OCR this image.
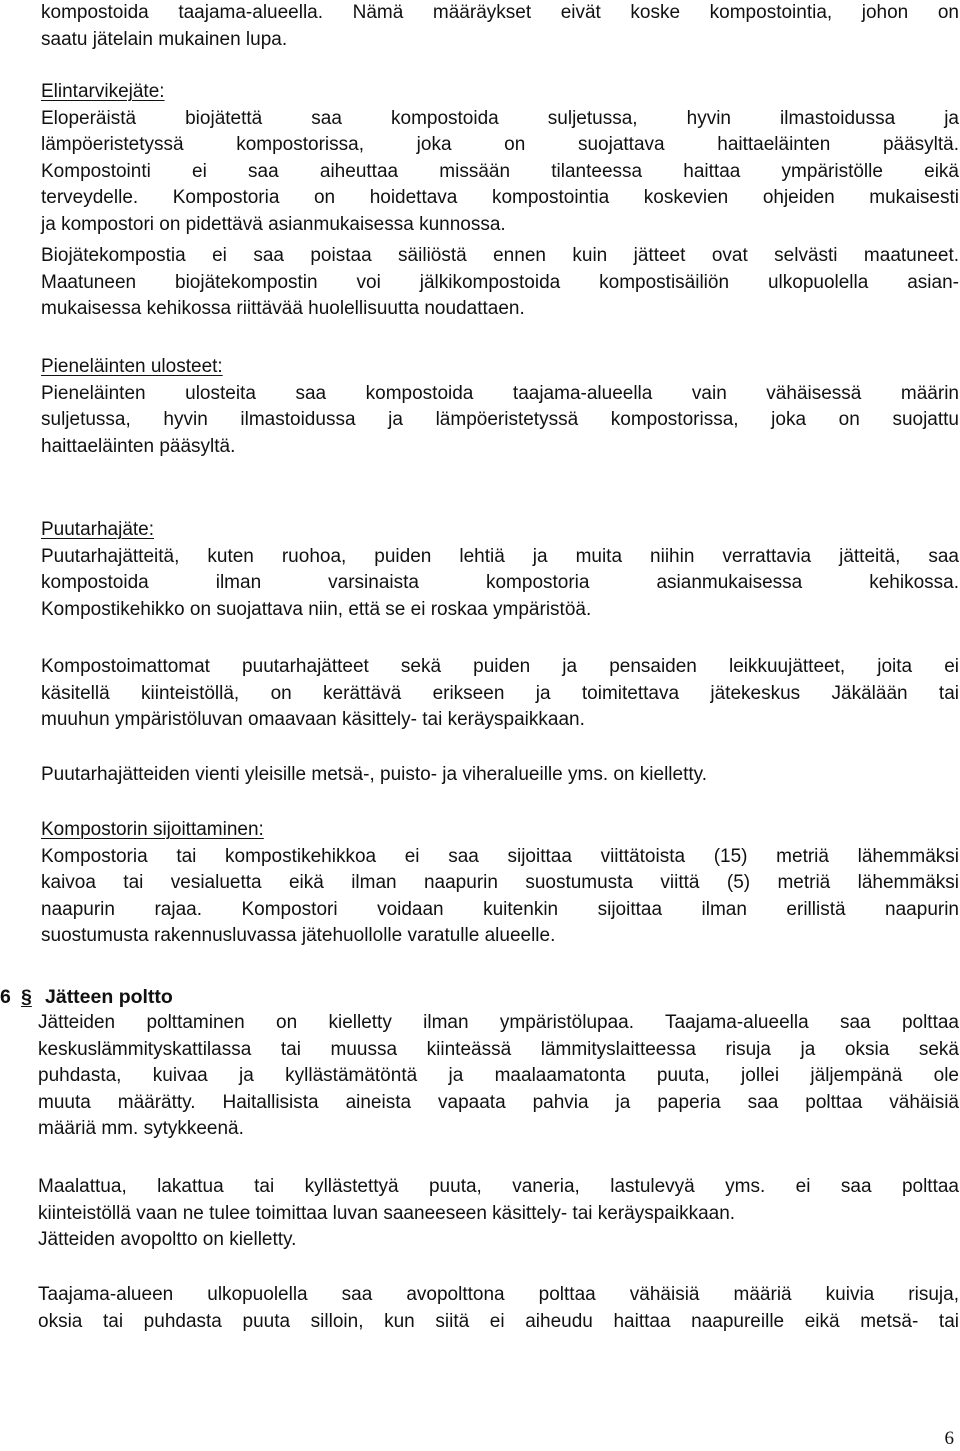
kompostoida taajama-alueella. Nämä määräykset eivät koske kompostointia, johon on
saatu jätelain mukainen lupa.
Elintarvikejäte:
Eloperäistä biojätettä saa kompostoida suljetussa, hyvin ilmastoidussa ja
lämpöeristetyssä kompostorissa, joka on suojattava haittaeläinten pääsyltä.
Kompostointi ei saa aiheuttaa missään tilanteessa haittaa ympäristölle eikä
terveydelle. Kompostoria on hoidettava kompostointia koskevien ohjeiden mukaisesti
ja kompostori on pidettävä asianmukaisessa kunnossa.
Biojätekompostia ei saa poistaa säiliöstä ennen kuin jätteet ovat selvästi maatuneet.
Maatuneen biojätekompostin voi jälkikompostoida kompostisäiliön ulkopuolella asian-
mukaisessa kehikossa riittävää huolellisuutta noudattaen.
Pieneläinten ulosteet:
Pieneläinten ulosteita saa kompostoida taajama-alueella vain vähäisessä määrin
suljetussa, hyvin ilmastoidussa ja lämpöeristetyssä kompostorissa, joka on suojattu
haittaeläinten pääsyltä.
Puutarhajäte:
Puutarhajätteitä, kuten ruohoa, puiden lehtiä ja muita niihin verrattavia jätteitä, saa
kompostoida ilman varsinaista kompostoria asianmukaisessa kehikossa.
Kompostikehikko on suojattava niin, että se ei roskaa ympäristöä.
Kompostoimattomat puutarhajätteet sekä puiden ja pensaiden leikkuujätteet, joita ei
käsitellä kiinteistöllä, on kerättävä erikseen ja toimitettava jätekeskus Jäkälään tai
muuhun ympäristöluvan omaavaan käsittely- tai keräyspaikkaan.
Puutarhajätteiden vienti yleisille metsä-, puisto- ja viheralueille yms. on kielletty.
Kompostorin sijoittaminen:
Kompostoria tai kompostikehikkoa ei saa sijoittaa viittätoista (15) metriä lähemmäksi
kaivoa tai vesialuetta eikä ilman naapurin suostumusta viittä (5) metriä lähemmäksi
naapurin rajaa. Kompostori voidaan kuitenkin sijoittaa ilman erillistä naapurin
suostumusta rakennusluvassa jätehuollolle varatulle alueelle.
6 § Jätteen poltto
Jätteiden polttaminen on kielletty ilman ympäristölupaa. Taajama-alueella saa polttaa
keskuslämmityskattilassa tai muussa kiinteässä lämmityslaitteessa risuja ja oksia sekä
puhdasta, kuivaa ja kyllästämätöntä ja maalaamatonta puuta, jollei jäljempänä ole
muuta määrätty. Haitallisista aineista vapaata pahvia ja paperia saa polttaa vähäisiä
määriä mm. sytykkeenä.
Maalattua, lakattua tai kyllästettyä puuta, vaneria, lastulevyä yms. ei saa polttaa
kiinteistöllä vaan ne tulee toimittaa luvan saaneeseen käsittely- tai keräyspaikkaan.
Jätteiden avopoltto on kielletty.
Taajama-alueen ulkopuolella saa avopolttona polttaa vähäisiä määriä kuivia risuja,
oksia tai puhdasta puuta silloin, kun siitä ei aiheudu haittaa naapureille eikä metsä- tai
6
